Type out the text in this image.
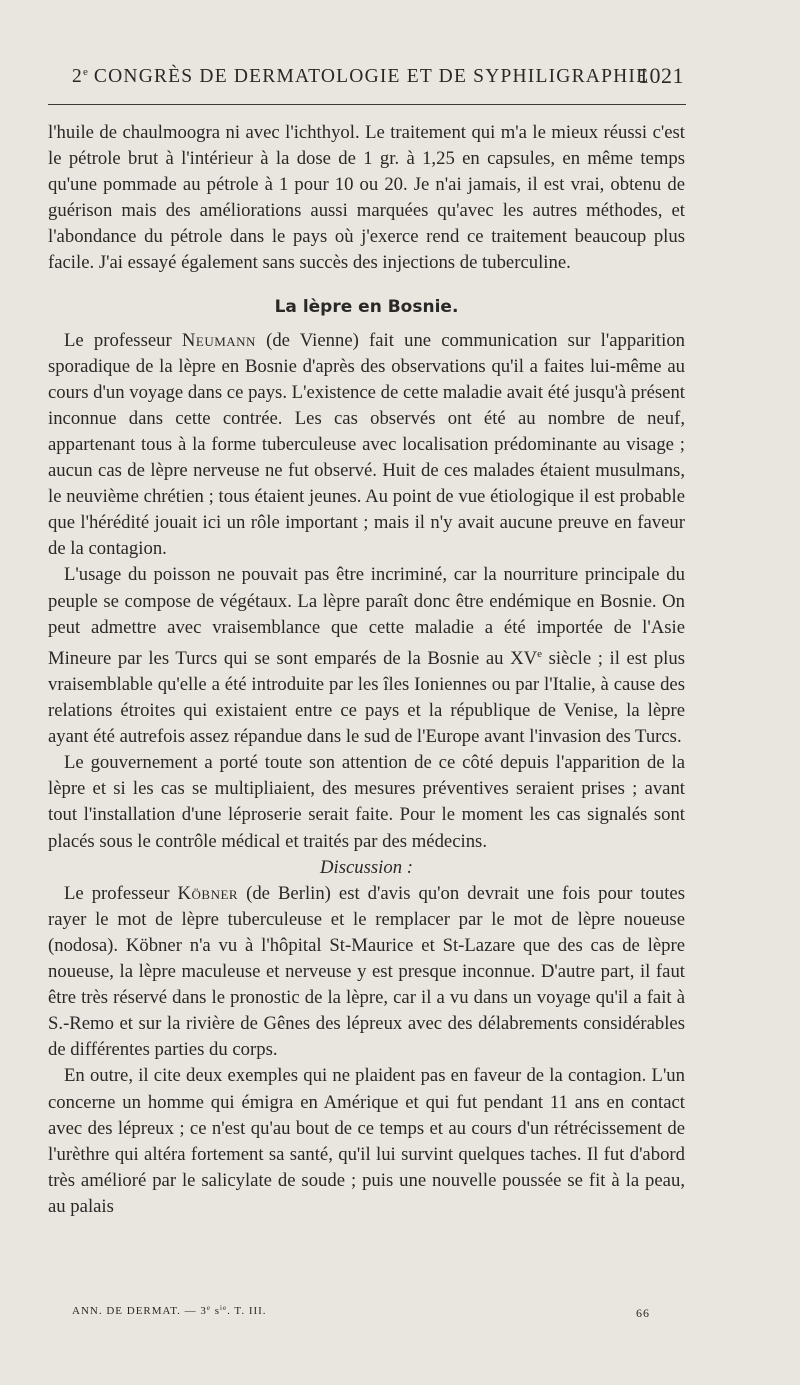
2e CONGRÈS DE DERMATOLOGIE ET DE SYPHILIGRAPHIE
1021

l'huile de chaulmoogra ni avec l'ichthyol. Le traitement qui m'a le mieux réussi c'est le pétrole brut à l'intérieur à la dose de 1 gr. à 1,25 en capsules, en même temps qu'une pommade au pétrole à 1 pour 10 ou 20. Je n'ai jamais, il est vrai, obtenu de guérison mais des améliorations aussi marquées qu'avec les autres méthodes, et l'abondance du pétrole dans le pays où j'exerce rend ce traitement beaucoup plus facile. J'ai essayé également sans succès des injections de tuberculine.

La lèpre en Bosnie.

Le professeur Neumann (de Vienne) fait une communication sur l'apparition sporadique de la lèpre en Bosnie d'après des observations qu'il a faites lui-même au cours d'un voyage dans ce pays. L'existence de cette maladie avait été jusqu'à présent inconnue dans cette contrée. Les cas observés ont été au nombre de neuf, appartenant tous à la forme tuberculeuse avec localisation prédominante au visage ; aucun cas de lèpre nerveuse ne fut observé. Huit de ces malades étaient musulmans, le neuvième chrétien ; tous étaient jeunes. Au point de vue étiologique il est probable que l'hérédité jouait ici un rôle important ; mais il n'y avait aucune preuve en faveur de la contagion.

L'usage du poisson ne pouvait pas être incriminé, car la nourriture principale du peuple se compose de végétaux. La lèpre paraît donc être endémique en Bosnie. On peut admettre avec vraisemblance que cette maladie a été importée de l'Asie Mineure par les Turcs qui se sont emparés de la Bosnie au XVe siècle ; il est plus vraisemblable qu'elle a été introduite par les îles Ioniennes ou par l'Italie, à cause des relations étroites qui existaient entre ce pays et la république de Venise, la lèpre ayant été autrefois assez répandue dans le sud de l'Europe avant l'invasion des Turcs.

Le gouvernement a porté toute son attention de ce côté depuis l'apparition de la lèpre et si les cas se multipliaient, des mesures préventives seraient prises ; avant tout l'installation d'une léproserie serait faite. Pour le moment les cas signalés sont placés sous le contrôle médical et traités par des médecins.

Discussion :

Le professeur Köbner (de Berlin) est d'avis qu'on devrait une fois pour toutes rayer le mot de lèpre tuberculeuse et le remplacer par le mot de lèpre noueuse (nodosa). Köbner n'a vu à l'hôpital St-Maurice et St-Lazare que des cas de lèpre noueuse, la lèpre maculeuse et nerveuse y est presque inconnue. D'autre part, il faut être très réservé dans le pronostic de la lèpre, car il a vu dans un voyage qu'il a fait à S.-Remo et sur la rivière de Gênes des lépreux avec des délabrements considérables de différentes parties du corps.

En outre, il cite deux exemples qui ne plaident pas en faveur de la contagion. L'un concerne un homme qui émigra en Amérique et qui fut pendant 11 ans en contact avec des lépreux ; ce n'est qu'au bout de ce temps et au cours d'un rétrécissement de l'urèthre qui altéra fortement sa santé, qu'il lui survint quelques taches. Il fut d'abord très amélioré par le salicylate de soude ; puis une nouvelle poussée se fit à la peau, au palais

ANN. DE DERMAT. — 3e $s^{ie}$. T. III.	66
